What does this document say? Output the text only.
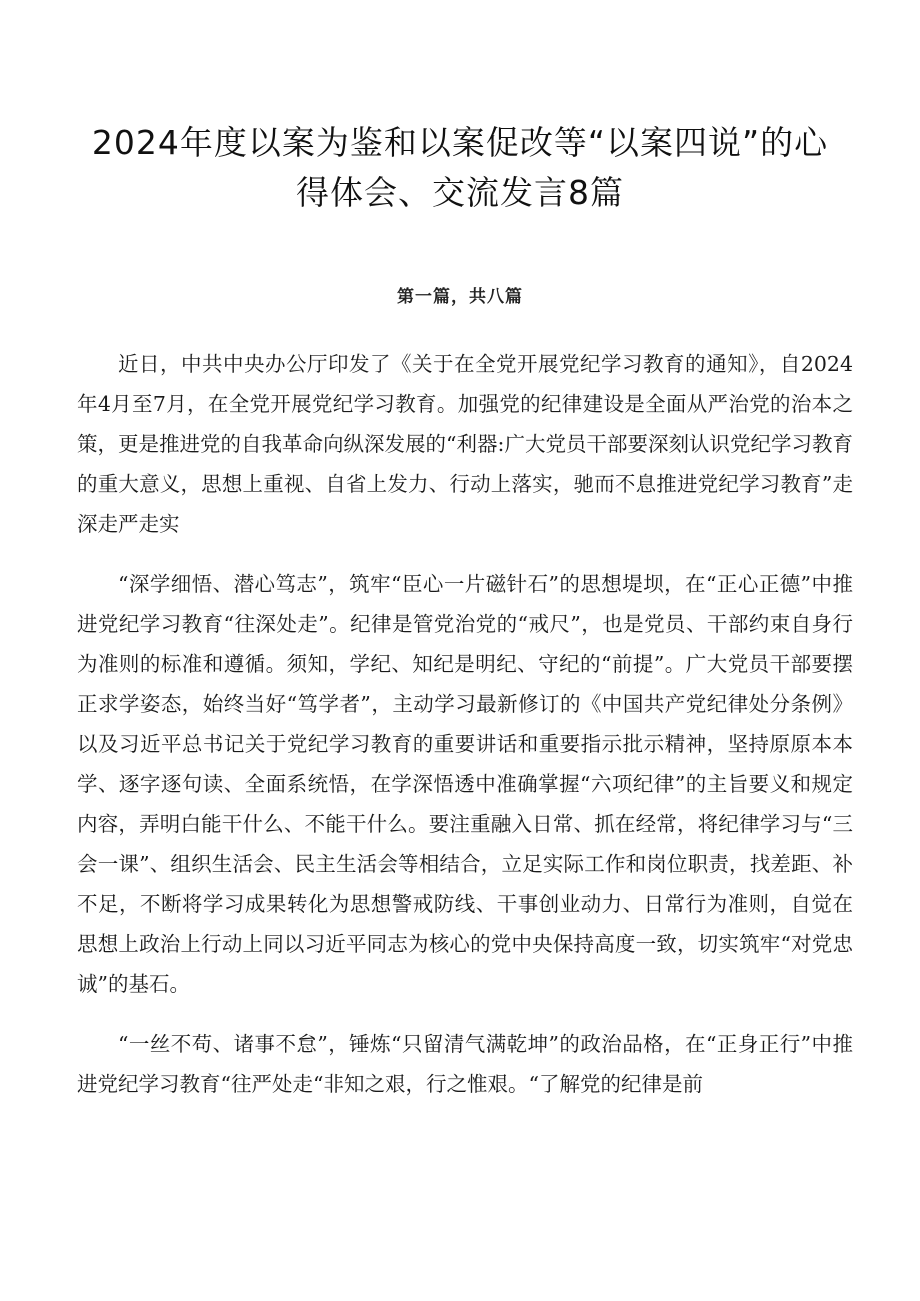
2024年度以案为鉴和以案促改等“以案四说”的心
得体会、交流发言8篇
第一篇，共八篇

近日，中共中央办公厅印发了《关于在全党开展党纪学习教育的通知》，自2024年4月至7月，在全党开展党纪学习教育。加强党的纪律建设是全面从严治党的治本之策，更是推进党的自我革命向纵深发展的“利器:广大党员干部要深刻认识党纪学习教育的重大意义，思想上重视、自省上发力、行动上落实，驰而不息推进党纪学习教育”走深走严走实

“深学细悟、潜心笃志”，筑牢“臣心一片磁针石”的思想堤坝，在“正心正德”中推进党纪学习教育“往深处走”。纪律是管党治党的“戒尺”，也是党员、干部约束自身行为准则的标准和遵循。须知，学纪、知纪是明纪、守纪的“前提”。广大党员干部要摆正求学姿态，始终当好“笃学者”，主动学习最新修订的《中国共产党纪律处分条例》以及习近平总书记关于党纪学习教育的重要讲话和重要指示批示精神，坚持原原本本学、逐字逐句读、全面系统悟，在学深悟透中准确掌握“六项纪律”的主旨要义和规定内容，弄明白能干什么、不能干什么。要注重融入日常、抓在经常，将纪律学习与“三会一课”、组织生活会、民主生活会等相结合，立足实际工作和岗位职责，找差距、补不足，不断将学习成果转化为思想警戒防线、干事创业动力、日常行为准则，自觉在思想上政治上行动上同以习近平同志为核心的党中央保持高度一致，切实筑牢“对党忠诚”的基石。

“一丝不苟、诸事不怠”，锤炼“只留清气满乾坤”的政治品格，在“正身正行”中推进党纪学习教育“往严处走“非知之艰，行之惟艰。“了解党的纪律是前
